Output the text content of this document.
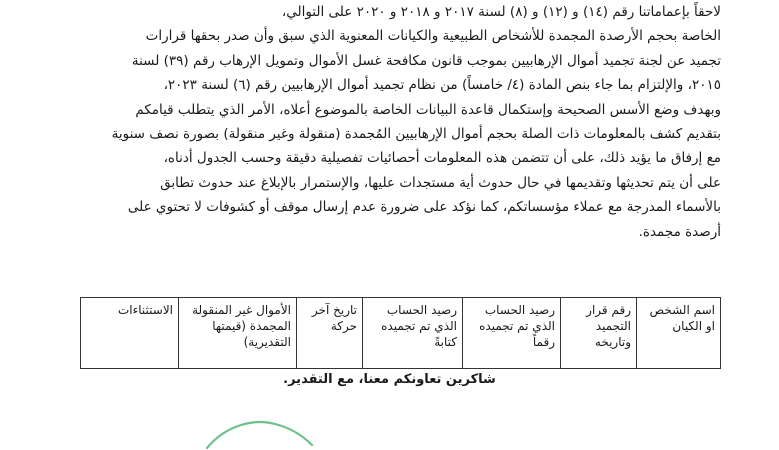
لاحقاً بإعماماتنا رقم (١٤) و (١٢) و (٨) لسنة ٢٠١٧ و ٢٠١٨ و ٢٠٢٠ على التوالي،
الخاصة بحجم الأرصدة المجمدة للأشخاص الطبيعية والكيانات المعنوية الذي سبق وأن صدر بحقها قرارات
تجميد عن لجنة تجميد أموال الإرهابيين بموجب قانون مكافحة غسل الأموال وتمويل الإرهاب رقم (٣٩) لسنة
٢٠١٥، والإلتزام بما جاء بنص المادة (٤/ خامساً) من نظام تجميد أموال الإرهابيين رقم (٦) لسنة ٢٠٢٣،
وبهدف وضع الأسس الصحيحة وإستكمال قاعدة البيانات الخاصة بالموضوع أعلاه، الأمر الذي يتطلب قيامكم
بتقديم كشف بالمعلومات ذات الصلة بحجم أموال الإرهابيين المُجمدة (منقولة وغير منقولة) بصورة نصف سنوية
مع إرفاق ما يؤيد ذلك، على أن تتضمن هذه المعلومات أحصائيات تفصيلية دقيقة وحسب الجدول أدناه،
على أن يتم تحديثها وتقديمها في حال حدوث أية مستجدات عليها، والإستمرار بالإبلاغ عند حدوث تطابق
بالأسماء المدرجة مع عملاء مؤسساتكم، كما نؤكد على ضرورة عدم إرسال موقف أو كشوفات لا تحتوي على
أرصدة مجمدة.
اسم الشخص او الكيان	رقم قرار التجميد وتاريخه	رصيد الحساب الذي تم تجميده رقماً	رصيد الحساب الذي تم تجميده كتابةً	تاريخ آخر حركة	الأموال غير المنقولة المجمدة (قيمتها التقديرية)	الاستثناءات
شاكرين تعاونكم معنا، مع التقدير.
